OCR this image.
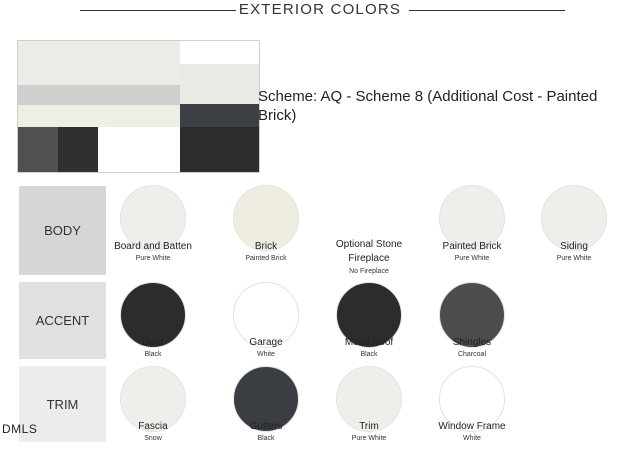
EXTERIOR COLORS
Scheme: AQ - Scheme 8 (Additional Cost - Painted Brick)
BODY
Board and Batten
Pure White
Brick
Painted Brick
Optional Stone Fireplace
No Fireplace
Painted Brick
Pure White
Siding
Pure White
ACCENT
Door
Black
Garage
White
Metal Roof
Black
Shingles
Charcoal
TRIM
Fascia
Snow
Gutters
Black
Trim
Pure White
Window Frame
White
DMLS
